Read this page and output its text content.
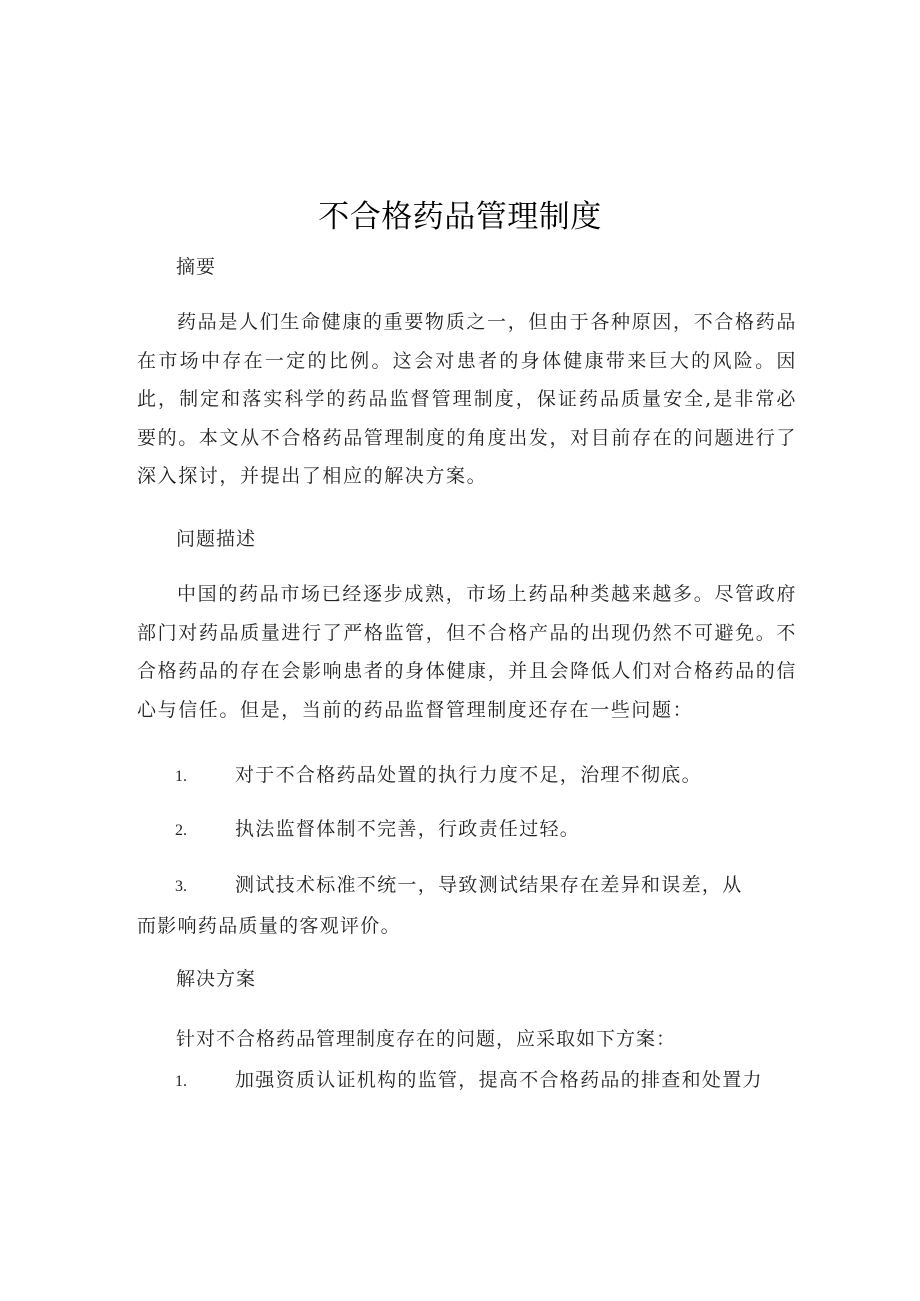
不合格药品管理制度
摘要
药品是人们生命健康的重要物质之一，但由于各种原因，不合格药品在市场中存在一定的比例。这会对患者的身体健康带来巨大的风险。因此，制定和落实科学的药品监督管理制度，保证药品质量安全,是非常必要的。本文从不合格药品管理制度的角度出发，对目前存在的问题进行了深入探讨，并提出了相应的解决方案。
问题描述
中国的药品市场已经逐步成熟，市场上药品种类越来越多。尽管政府部门对药品质量进行了严格监管，但不合格产品的出现仍然不可避免。不合格药品的存在会影响患者的身体健康，并且会降低人们对合格药品的信心与信任。但是，当前的药品监督管理制度还存在一些问题：
1.	对于不合格药品处置的执行力度不足，治理不彻底。
2.	执法监督体制不完善，行政责任过轻。
3.	测试技术标准不统一，导致测试结果存在差异和误差，从
而影响药品质量的客观评价。
解决方案
针对不合格药品管理制度存在的问题，应采取如下方案：
1.	加强资质认证机构的监管，提高不合格药品的排查和处置力
